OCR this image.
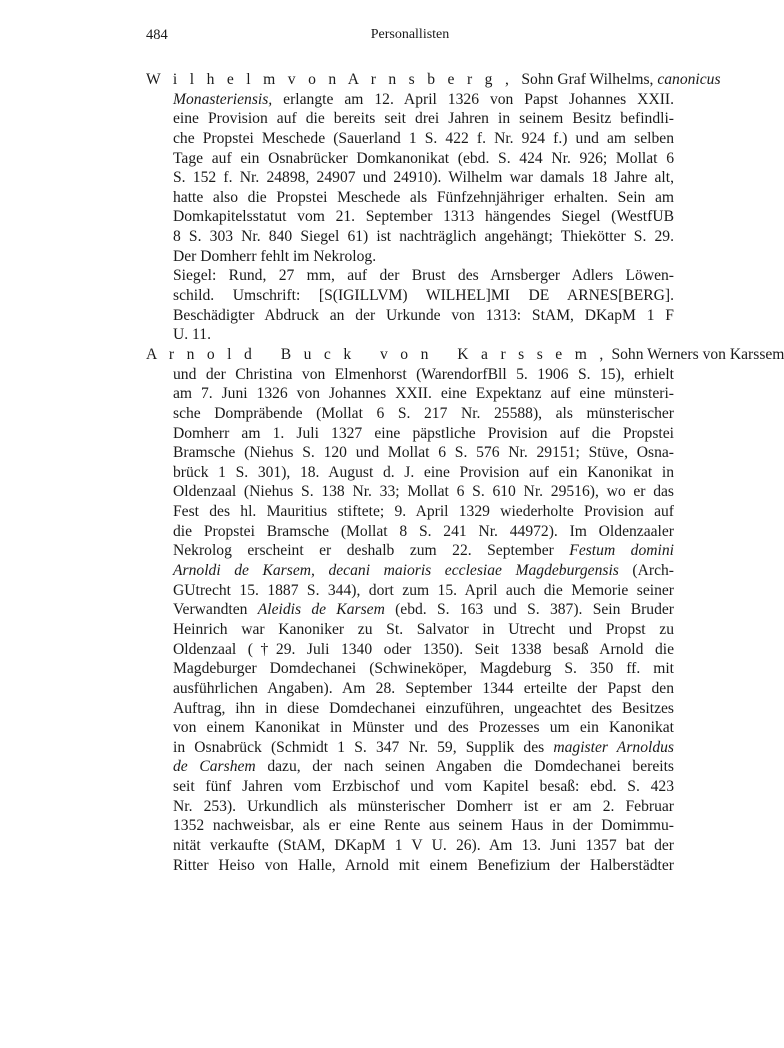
484	Personallisten
W i l h e l m v o n A r n s b e r g , Sohn Graf Wilhelms, canonicus
Monasteriensis, erlangte am 12. April 1326 von Papst Johannes XXII.
eine Provision auf die bereits seit drei Jahren in seinem Besitz befindli-
che Propstei Meschede (Sauerland 1 S. 422 f. Nr. 924 f.) und am selben
Tage auf ein Osnabrücker Domkanonikat (ebd. S. 424 Nr. 926; Mollat 6
S. 152 f. Nr. 24898, 24907 und 24910). Wilhelm war damals 18 Jahre alt,
hatte also die Propstei Meschede als Fünfzehnjähriger erhalten. Sein am
Domkapitelsstatut vom 21. September 1313 hängendes Siegel (WestfUB
8 S. 303 Nr. 840 Siegel 61) ist nachträglich angehängt; Thiekötter S. 29.
Der Domherr fehlt im Nekrolog.
Siegel: Rund, 27 mm, auf der Brust des Arnsberger Adlers Löwen-
schild. Umschrift: [S(IGILLVM) WILHEL]MI DE ARNES[BERG].
Beschädigter Abdruck an der Urkunde von 1313: StAM, DKapM 1 F
U. 11.
A r n o l d   B u c k   v o n   K a r s s e m , Sohn Werners von Karssem
und der Christina von Elmenhorst (WarendorfBll 5. 1906 S. 15), erhielt
am 7. Juni 1326 von Johannes XXII. eine Expektanz auf eine münsteri-
sche Dompräbende (Mollat 6 S. 217 Nr. 25588), als münsterischer
Domherr am 1. Juli 1327 eine päpstliche Provision auf die Propstei
Bramsche (Niehus S. 120 und Mollat 6 S. 576 Nr. 29151; Stüve, Osna-
brück 1 S. 301), 18. August d. J. eine Provision auf ein Kanonikat in
Oldenzaal (Niehus S. 138 Nr. 33; Mollat 6 S. 610 Nr. 29516), wo er das
Fest des hl. Mauritius stiftete; 9. April 1329 wiederholte Provision auf
die Propstei Bramsche (Mollat 8 S. 241 Nr. 44972). Im Oldenzaaler
Nekrolog erscheint er deshalb zum 22. September Festum domini
Arnoldi de Karsem, decani maioris ecclesiae Magdeburgensis (Arch-
GUtrecht 15. 1887 S. 344), dort zum 15. April auch die Memorie seiner
Verwandten Aleidis de Karsem (ebd. S. 163 und S. 387). Sein Bruder
Heinrich war Kanoniker zu St. Salvator in Utrecht und Propst zu
Oldenzaal (†29. Juli 1340 oder 1350). Seit 1338 besaß Arnold die
Magdeburger Domdechanei (Schwineköper, Magdeburg S. 350 ff. mit
ausführlichen Angaben). Am 28. September 1344 erteilte der Papst den
Auftrag, ihn in diese Domdechanei einzuführen, ungeachtet des Besitzes
von einem Kanonikat in Münster und des Prozesses um ein Kanonikat
in Osnabrück (Schmidt 1 S. 347 Nr. 59, Supplik des magister Arnoldus
de Carshem dazu, der nach seinen Angaben die Domdechanei bereits
seit fünf Jahren vom Erzbischof und vom Kapitel besaß: ebd. S. 423
Nr. 253). Urkundlich als münsterischer Domherr ist er am 2. Februar
1352 nachweisbar, als er eine Rente aus seinem Haus in der Domimmu-
nität verkaufte (StAM, DKapM 1 V U. 26). Am 13. Juni 1357 bat der
Ritter Heiso von Halle, Arnold mit einem Benefizium der Halberstädter
